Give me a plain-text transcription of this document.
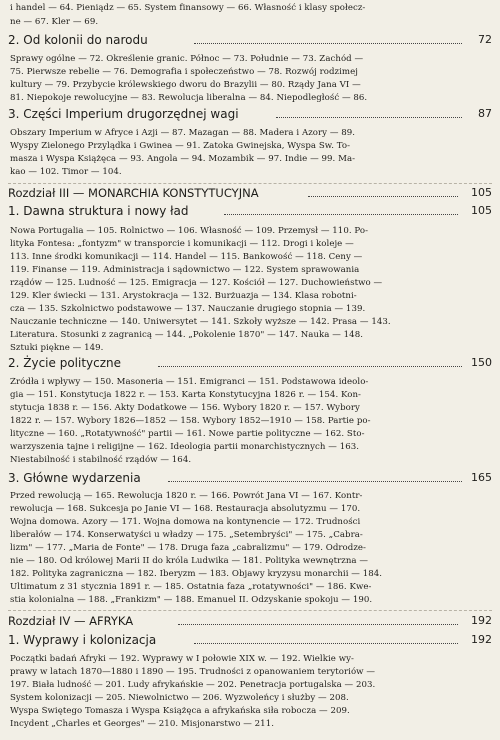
i handel — 64. Pieniądz — 65. System finansowy — 66. Własność i klasy społecz-
ne — 67. Kler — 69.
2. Od kolonii do narodu	72
Sprawy ogólne — 72. Określenie granic. Północ — 73. Południe — 73. Zachód —
75. Pierwsze rebelie — 76. Demografia i społeczeństwo — 78. Rozwój rodzimej
kultury — 79. Przybycie królewskiego dworu do Brazylii — 80. Rządy Jana VI —
81. Niepokoje rewolucyjne — 83. Rewolucja liberalna — 84. Niepodległość — 86.
3. Części Imperium drugorzędnej wagi	87
Obszary Imperium w Afryce i Azji — 87. Mazagan — 88. Madera i Azory — 89.
Wyspy Zielonego Przylądka i Gwinea — 91. Zatoka Gwinejska, Wyspa Św. To-
masza i Wyspa Książęca — 93. Angola — 94. Mozambik — 97. Indie — 99. Ma-
kao — 102. Timor — 104.
Rozdział III — MONARCHIA KONSTYTUCYJNA	105
1. Dawna struktura i nowy ład	105
Nowa Portugalia — 105. Rolnictwo — 106. Własność — 109. Przemysł — 110. Po-
lityka Fontesa: „fontyzm" w transporcie i komunikacji — 112. Drogi i koleje —
113. Inne środki komunikacji — 114. Handel — 115. Bankowość — 118. Ceny —
119. Finanse — 119. Administracja i sądownictwo — 122. System sprawowania
rządów — 125. Ludność — 125. Emigracja — 127. Kościół — 127. Duchowieństwo —
129. Kler świecki — 131. Arystokracja — 132. Burżuazja — 134. Klasa robotni-
cza — 135. Szkolnictwo podstawowe — 137. Nauczanie drugiego stopnia — 139.
Nauczanie techniczne — 140. Uniwersytet — 141. Szkoły wyższe — 142. Prasa — 143.
Literatura. Stosunki z zagranicą — 144. „Pokolenie 1870" — 147. Nauka — 148.
Sztuki piękne — 149.
2. Życie polityczne	150
Źródła i wpływy — 150. Masoneria — 151. Emigranci — 151. Podstawowa ideolo-
gia — 151. Konstytucja 1822 r. — 153. Karta Konstytucyjna 1826 r. — 154. Kon-
stytucja 1838 r. — 156. Akty Dodatkowe — 156. Wybory 1820 r. — 157. Wybory
1822 r. — 157. Wybory 1826—1852 — 158. Wybory 1852—1910 — 158. Partie po-
lityczne — 160. „Rotatywność" partii — 161. Nowe partie polityczne — 162. Sto-
warzyszenia tajne i religijne — 162. Ideologia partii monarchistycznych — 163.
Niestabilność i stabilność rządów — 164.
3. Główne wydarzenia	165
Przed rewolucją — 165. Rewolucja 1820 r. — 166. Powrót Jana VI — 167. Kontr-
rewolucja — 168. Sukcesja po Janie VI — 168. Restauracja absolutyzmu — 170.
Wojna domowa. Azory — 171. Wojna domowa na kontynencie — 172. Trudności
liberałów — 174. Konserwatyści u władzy — 175. „Setembryści" — 175. „Cabra-
lizm" — 177. „Maria de Fonte" — 178. Druga faza „cabralizmu" — 179. Odrodze-
nie — 180. Od królowej Marii II do króla Ludwika — 181. Polityka wewnętrzna —
182. Polityka zagraniczna — 182. Iberyzm — 183. Objawy kryzysu monarchii — 184.
Ultimatum z 31 stycznia 1891 r. — 185. Ostatnia faza „rotatywności" — 186. Kwe-
stia kolonialna — 188. „Frankizm" — 188. Emanuel II. Odzyskanie spokoju — 190.
Rozdział IV — AFRYKA	192
1. Wyprawy i kolonizacja	192
Początki badań Afryki — 192. Wyprawy w I połowie XIX w. — 192. Wielkie wy-
prawy w latach 1870—1880 i 1890 — 195. Trudności z opanowaniem terytoriów —
197. Biała ludność — 201. Ludy afrykańskie — 202. Penetracja portugalska — 203.
System kolonizacji — 205. Niewolnictwo — 206. Wyzwoleńcy i służby — 208.
Wyspa Świętego Tomasza i Wyspa Książęca a afrykańska siła robocza — 209.
Incydent „Charles et Georges" — 210. Misjonarstwo — 211.
